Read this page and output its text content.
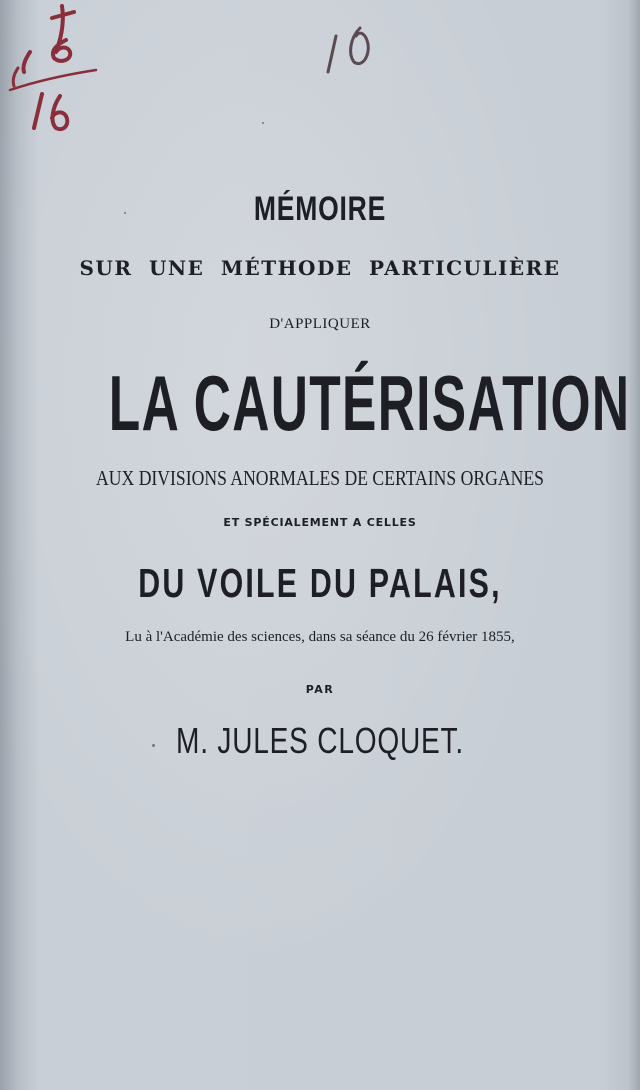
MÉMOIRE
SUR UNE MÉTHODE PARTICULIÈRE
D'APPLIQUER
LA CAUTÉRISATION
AUX DIVISIONS ANORMALES DE CERTAINS ORGANES
ET SPÉCIALEMENT A CELLES
DU VOILE DU PALAIS,
Lu à l'Académie des sciences, dans sa séance du 26 février 1855,
PAR
M. JULES CLOQUET.
